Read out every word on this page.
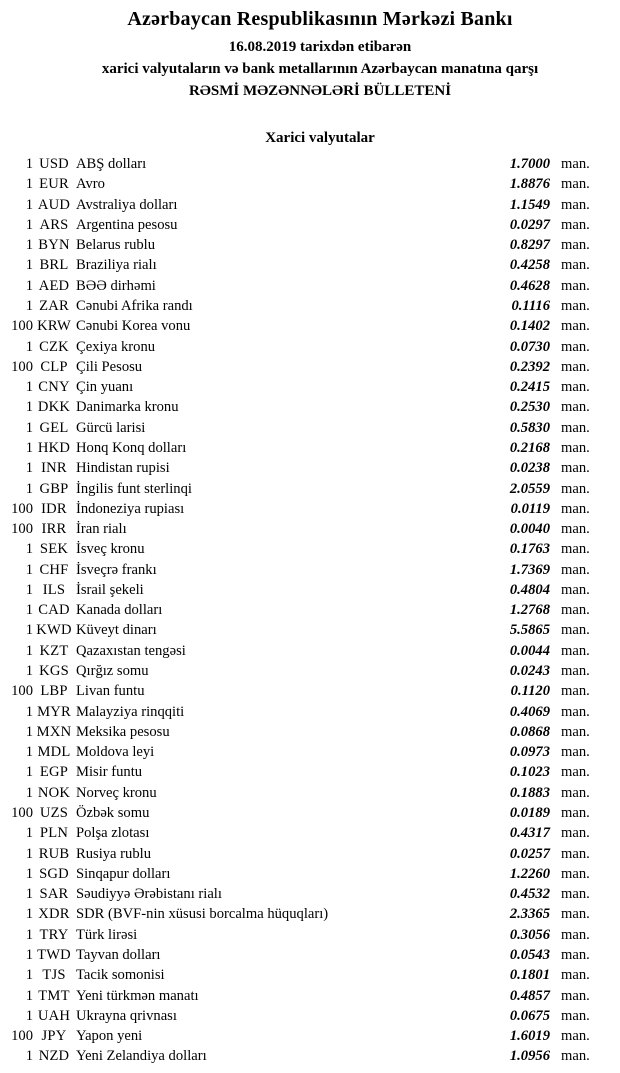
Azərbaycan Respublikasının Mərkəzi Bankı
16.08.2019 tarixdən etibarən
xarici valyutaların və bank metallarının Azərbaycan manatına qarşı
RƏSMİ MƏZƏNNƏLƏRİ BÜLLETENİ
Xarici valyutalar
1 USD ABŞ dolları	1.7000 man.
1 EUR Avro	1.8876 man.
1 AUD Avstraliya dolları	1.1549 man.
1 ARS Argentina pesosu	0.0297 man.
1 BYN Belarus rublu	0.8297 man.
1 BRL Braziliya rialı	0.4258 man.
1 AED BƏƏ dirhəmi	0.4628 man.
1 ZAR Cənubi Afrika randı	0.1116 man.
100 KRW Cənubi Korea vonu	0.1402 man.
1 CZK Çexiya kronu	0.0730 man.
100 CLP Çili Pesosu	0.2392 man.
1 CNY Çin yuanı	0.2415 man.
1 DKK Danimarka kronu	0.2530 man.
1 GEL Gürcü larisi	0.5830 man.
1 HKD Honq Konq dolları	0.2168 man.
1 INR Hindistan rupisi	0.0238 man.
1 GBP İngilis funt sterlinqi	2.0559 man.
100 IDR İndoneziya rupiası	0.0119 man.
100 IRR İran rialı	0.0040 man.
1 SEK İsveç kronu	0.1763 man.
1 CHF İsveçrə frankı	1.7369 man.
1 ILS İsrail şekeli	0.4804 man.
1 CAD Kanada dolları	1.2768 man.
1 KWD Küveyt dinarı	5.5865 man.
1 KZT Qazaxıstan tengəsi	0.0044 man.
1 KGS Qırğız somu	0.0243 man.
100 LBP Livan funtu	0.1120 man.
1 MYR Malayziya rinqqiti	0.4069 man.
1 MXN Meksika pesosu	0.0868 man.
1 MDL Moldova leyi	0.0973 man.
1 EGP Misir funtu	0.1023 man.
1 NOK Norveç kronu	0.1883 man.
100 UZS Özbək somu	0.0189 man.
1 PLN Polşa zlotası	0.4317 man.
1 RUB Rusiya rublu	0.0257 man.
1 SGD Sinqapur dolları	1.2260 man.
1 SAR Səudiyyə Ərəbistanı rialı	0.4532 man.
1 XDR SDR (BVF-nin xüsusi borcalma hüquqları)	2.3365 man.
1 TRY Türk lirəsi	0.3056 man.
1 TWD Tayvan dolları	0.0543 man.
1 TJS Tacik somonisi	0.1801 man.
1 TMT Yeni türkmən manatı	0.4857 man.
1 UAH Ukrayna qrivnası	0.0675 man.
100 JPY Yapon yeni	1.6019 man.
1 NZD Yeni Zelandiya dolları	1.0956 man.
